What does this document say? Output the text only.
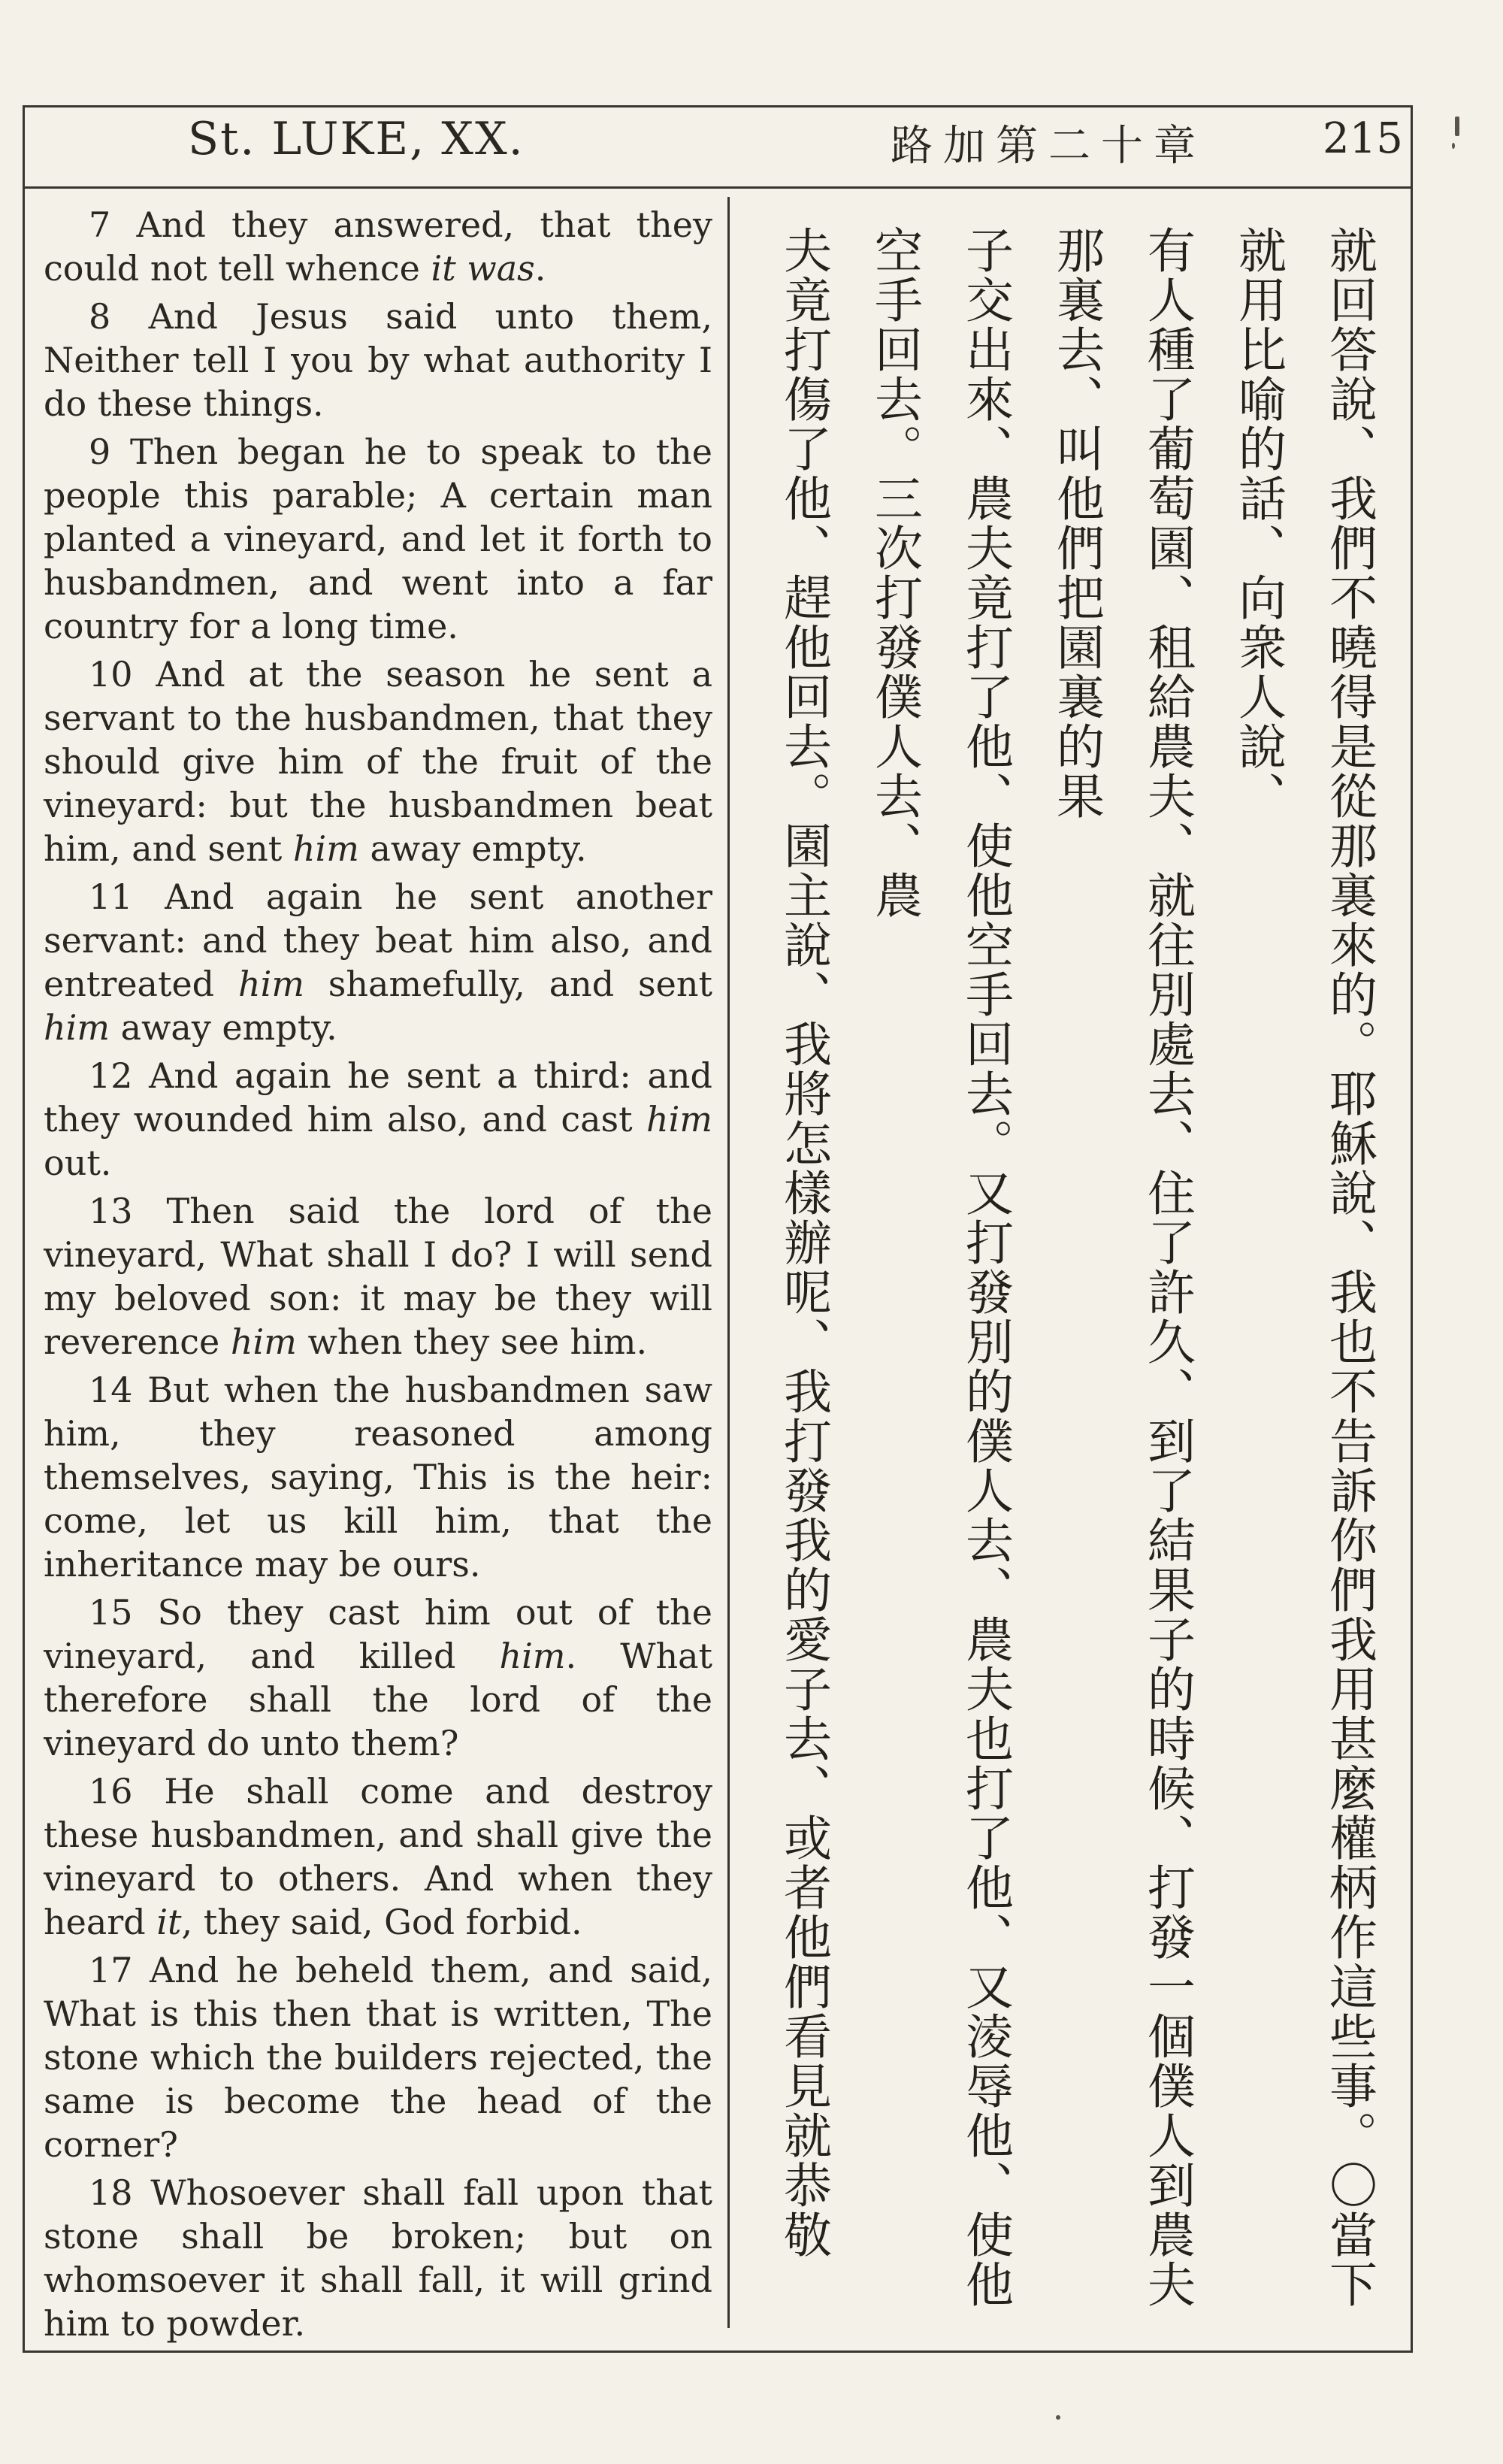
St. LUKE, XX.	路加第二十章	215

7 And they answered, that they could not tell whence it was.

8 And Jesus said unto them, Neither tell I you by what authority I do these things.

9 Then began he to speak to the people this parable; A certain man planted a vineyard, and let it forth to husbandmen, and went into a far country for a long time.

10 And at the season he sent a servant to the husbandmen, that they should give him of the fruit of the vineyard: but the husbandmen beat him, and sent him away empty.

11 And again he sent another servant: and they beat him also, and entreated him shamefully, and sent him away empty.

12 And again he sent a third: and they wounded him also, and cast him out.

13 Then said the lord of the vineyard, What shall I do? I will send my beloved son: it may be they will reverence him when they see him.

14 But when the husbandmen saw him, they reasoned among themselves, saying, This is the heir: come, let us kill him, that the inheritance may be ours.

15 So they cast him out of the vineyard, and killed him. What therefore shall the lord of the vineyard do unto them?

16 He shall come and destroy these husbandmen, and shall give the vineyard to others. And when they heard it, they said, God forbid.

17 And he beheld them, and said, What is this then that is written, The stone which the builders rejected, the same is become the head of the corner?

18 Whosoever shall fall upon that stone shall be broken; but on whomsoever it shall fall, it will grind him to powder.

就回答說、我們不曉得是從那裏來的。耶穌說、我也不告訴你們我用甚麼權柄作這些事。〇當下就用比喻的話、向衆人說、
有人種了葡萄園、租給農夫、就往別處去、住了許久、到了結果子的時候、打發一個僕人到農夫那裏去、叫他們把園裏的果
子交出來、農夫竟打了他、使他空手回去。又打發別的僕人去、農夫也打了他、又淩辱他、使他空手回去。三次打發僕人去、農
夫竟打傷了他、趕他回去。園主說、我將怎樣辦呢、我打發我的愛子去、或者他們看見就恭敬
